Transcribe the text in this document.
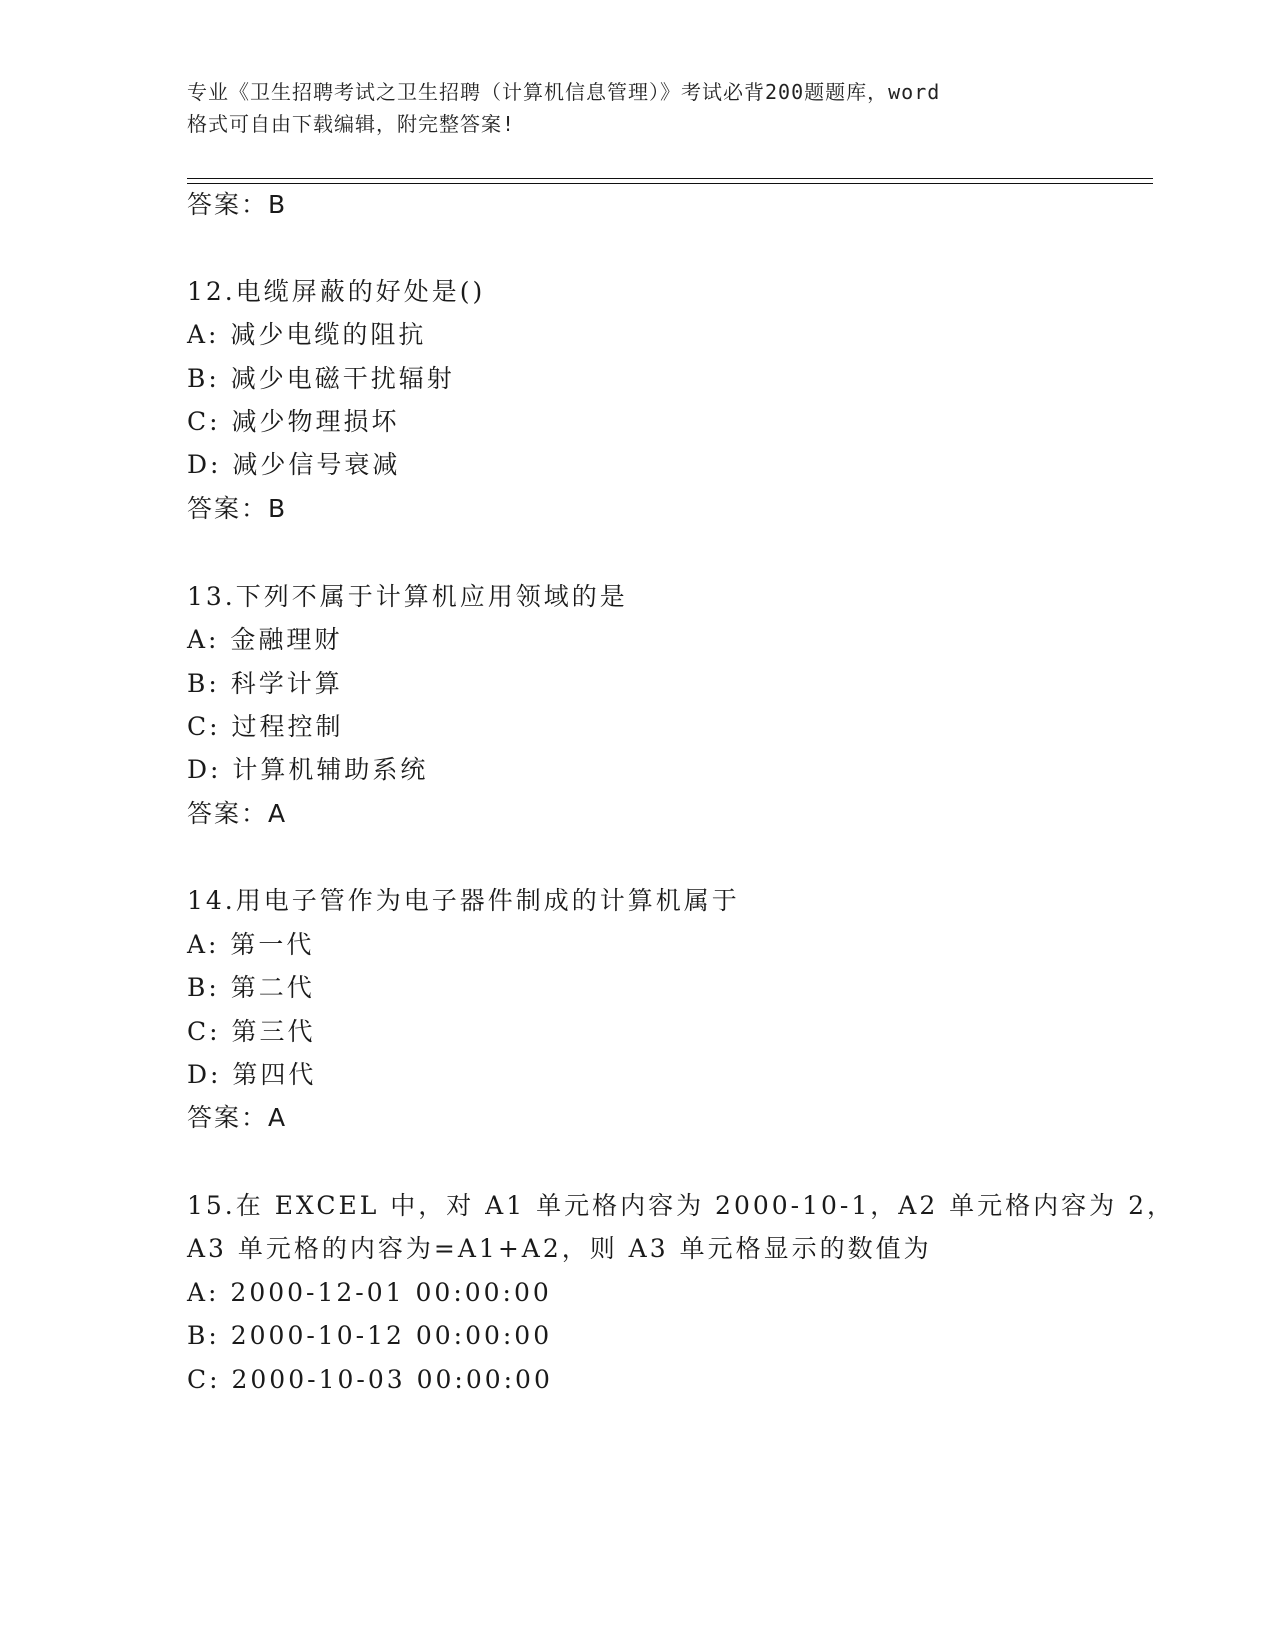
专业《卫生招聘考试之卫生招聘（计算机信息管理）》考试必背200题题库，word
格式可自由下载编辑，附完整答案!
答案：B
12.电缆屏蔽的好处是()
A: 减少电缆的阻抗
B: 减少电磁干扰辐射
C: 减少物理损坏
D: 减少信号衰减
答案：B
13.下列不属于计算机应用领域的是
A: 金融理财
B: 科学计算
C: 过程控制
D: 计算机辅助系统
答案：A
14.用电子管作为电子器件制成的计算机属于
A: 第一代
B: 第二代
C: 第三代
D: 第四代
答案：A
15.在 EXCEL 中，对 A1 单元格内容为 2000-10-1，A2 单元格内容为 2，
A3 单元格的内容为=A1+A2，则 A3 单元格显示的数值为
A: 2000-12-01 00:00:00
B: 2000-10-12 00:00:00
C: 2000-10-03 00:00:00
